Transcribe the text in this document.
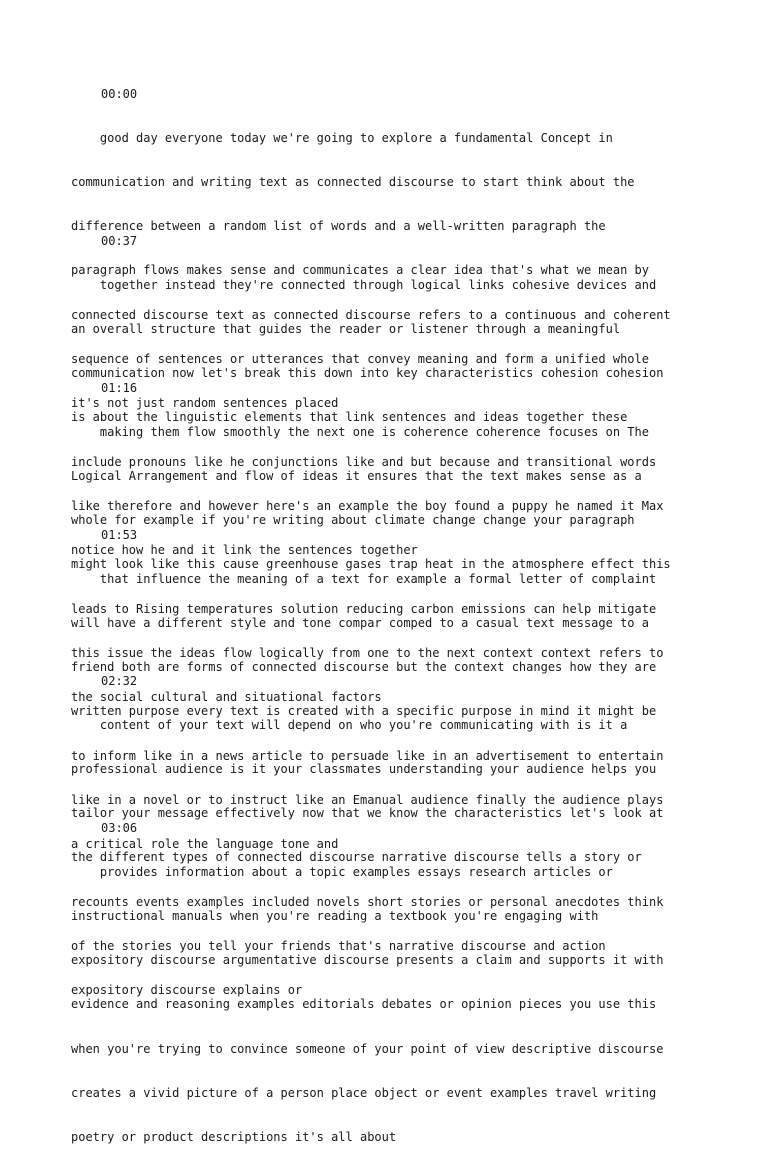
00:00

good day everyone today we're going to explore a fundamental Concept in

communication and writing text as connected discourse to start think about the

difference between a random list of words and a well-written paragraph the

paragraph flows makes sense and communicates a clear idea that's what we mean by

connected discourse text as connected discourse refers to a continuous and coherent

sequence of sentences or utterances that convey meaning and form a unified whole

it's not just random sentences placed

00:37

together instead they're connected through logical links cohesive devices and

an overall structure that guides the reader or listener through a meaningful

communication now let's break this down into key characteristics cohesion cohesion

is about the linguistic elements that link sentences and ideas together these

include pronouns like he conjunctions like and but because and transitional words

like therefore and however here's an example the boy found a puppy he named it Max

notice how he and it link the sentences together

01:16

making them flow smoothly the next one is coherence coherence focuses on The

Logical Arrangement and flow of ideas it ensures that the text makes sense as a

whole for example if you're writing about climate change change your paragraph

might look like this cause greenhouse gases trap heat in the atmosphere effect this

leads to Rising temperatures solution reducing carbon emissions can help mitigate

this issue the ideas flow logically from one to the next context context refers to

the social cultural and situational factors

01:53

that influence the meaning of a text for example a formal letter of complaint

will have a different style and tone compar comped to a casual text message to a

friend both are forms of connected discourse but the context changes how they are

written purpose every text is created with a specific purpose in mind it might be

to inform like in a news article to persuade like in an advertisement to entertain

like in a novel or to instruct like an Emanual audience finally the audience plays

a critical role the language tone and

02:32

content of your text will depend on who you're communicating with is it a

professional audience is it your classmates understanding your audience helps you

tailor your message effectively now that we know the characteristics let's look at

the different types of connected discourse narrative discourse tells a story or

recounts events examples included novels short stories or personal anecdotes think

of the stories you tell your friends that's narrative discourse and action

expository discourse explains or

03:06

provides information about a topic examples essays research articles or

instructional manuals when you're reading a textbook you're engaging with

expository discourse argumentative discourse presents a claim and supports it with

evidence and reasoning examples editorials debates or opinion pieces you use this

when you're trying to convince someone of your point of view descriptive discourse

creates a vivid picture of a person place object or event examples travel writing

poetry or product descriptions it's all about
